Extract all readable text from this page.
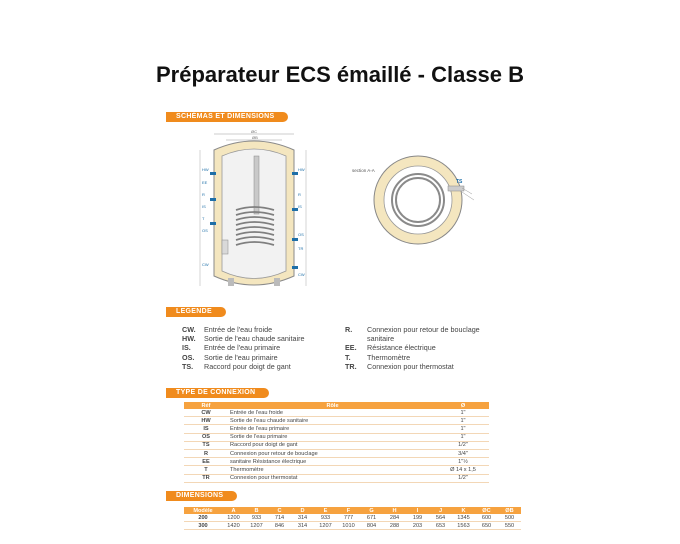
Préparateur ECS émaillé - Classe B
SCHÉMAS ET DIMENSIONS
ØC
ØB
HW
EE
R
IS
T
OS
CW
HW
R
IS
OS
TR
CW
section A-A
TS
LEGENDE
CW.	Entrée de l'eau froide
HW.	Sortie de l'eau chaude sanitaire
IS.	Entrée de l'eau primaire
OS.	Sortie de l'eau primaire
TS.	Raccord pour doigt de gant
R.	Connexion pour retour de bouclage
sanitaire
EE.	Résistance électrique
T.	Thermomètre
TR.	Connexion pour thermostat
TYPE DE CONNEXION
Réf	Rôle	Ø
CW	Entrée de l'eau froide	1"
HW	Sortie de l'eau chaude sanitaire	1"
IS	Entrée de l'eau primaire	1"
OS	Sortie de l'eau primaire	1"
TS	Raccord pour doigt de gant	1/2"
R	Connexion pour retour de bouclage	3/4"
EE	sanitaire Résistance électrique	1"½
T	Thermomètre	Ø 14 x 1,5
TR	Connexion pour thermostat	1/2"
DIMENSIONS
Modèle	A	B	C	D	E	F	G	H	I	J	K	ØC	ØB
200	1200	933	714	314	933	777	671	284	199	564	1345	600	500
300	1420	1207	846	314	1207	1010	804	288	203	653	1563	650	550
